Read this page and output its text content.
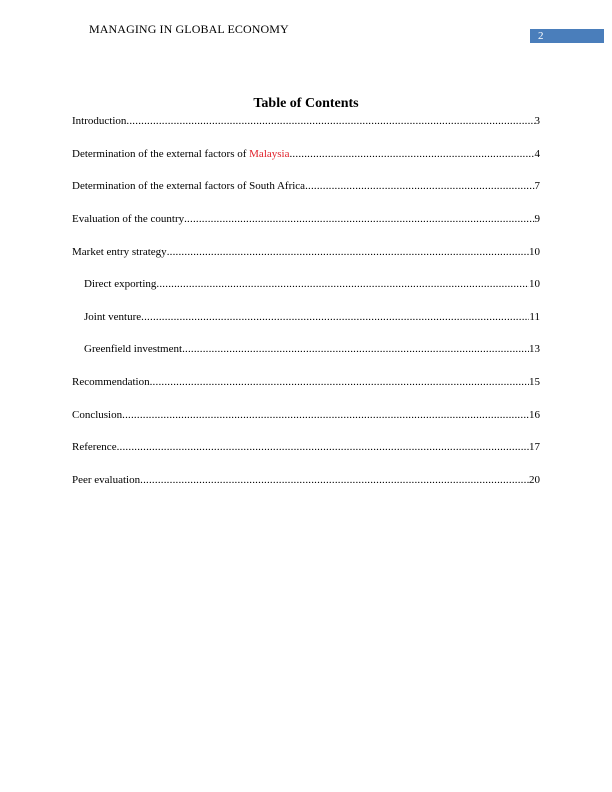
MANAGING IN GLOBAL ECONOMY	2
Table of Contents
Introduction .....	3
Determination of the external factors of Malaysia .....	4
Determination of the external factors of South Africa .....	7
Evaluation of the country .....	9
Market entry strategy .....	10
Direct exporting .....	10
Joint venture .....	11
Greenfield investment .....	13
Recommendation .....	15
Conclusion .....	16
Reference .....	17
Peer evaluation .....	20
